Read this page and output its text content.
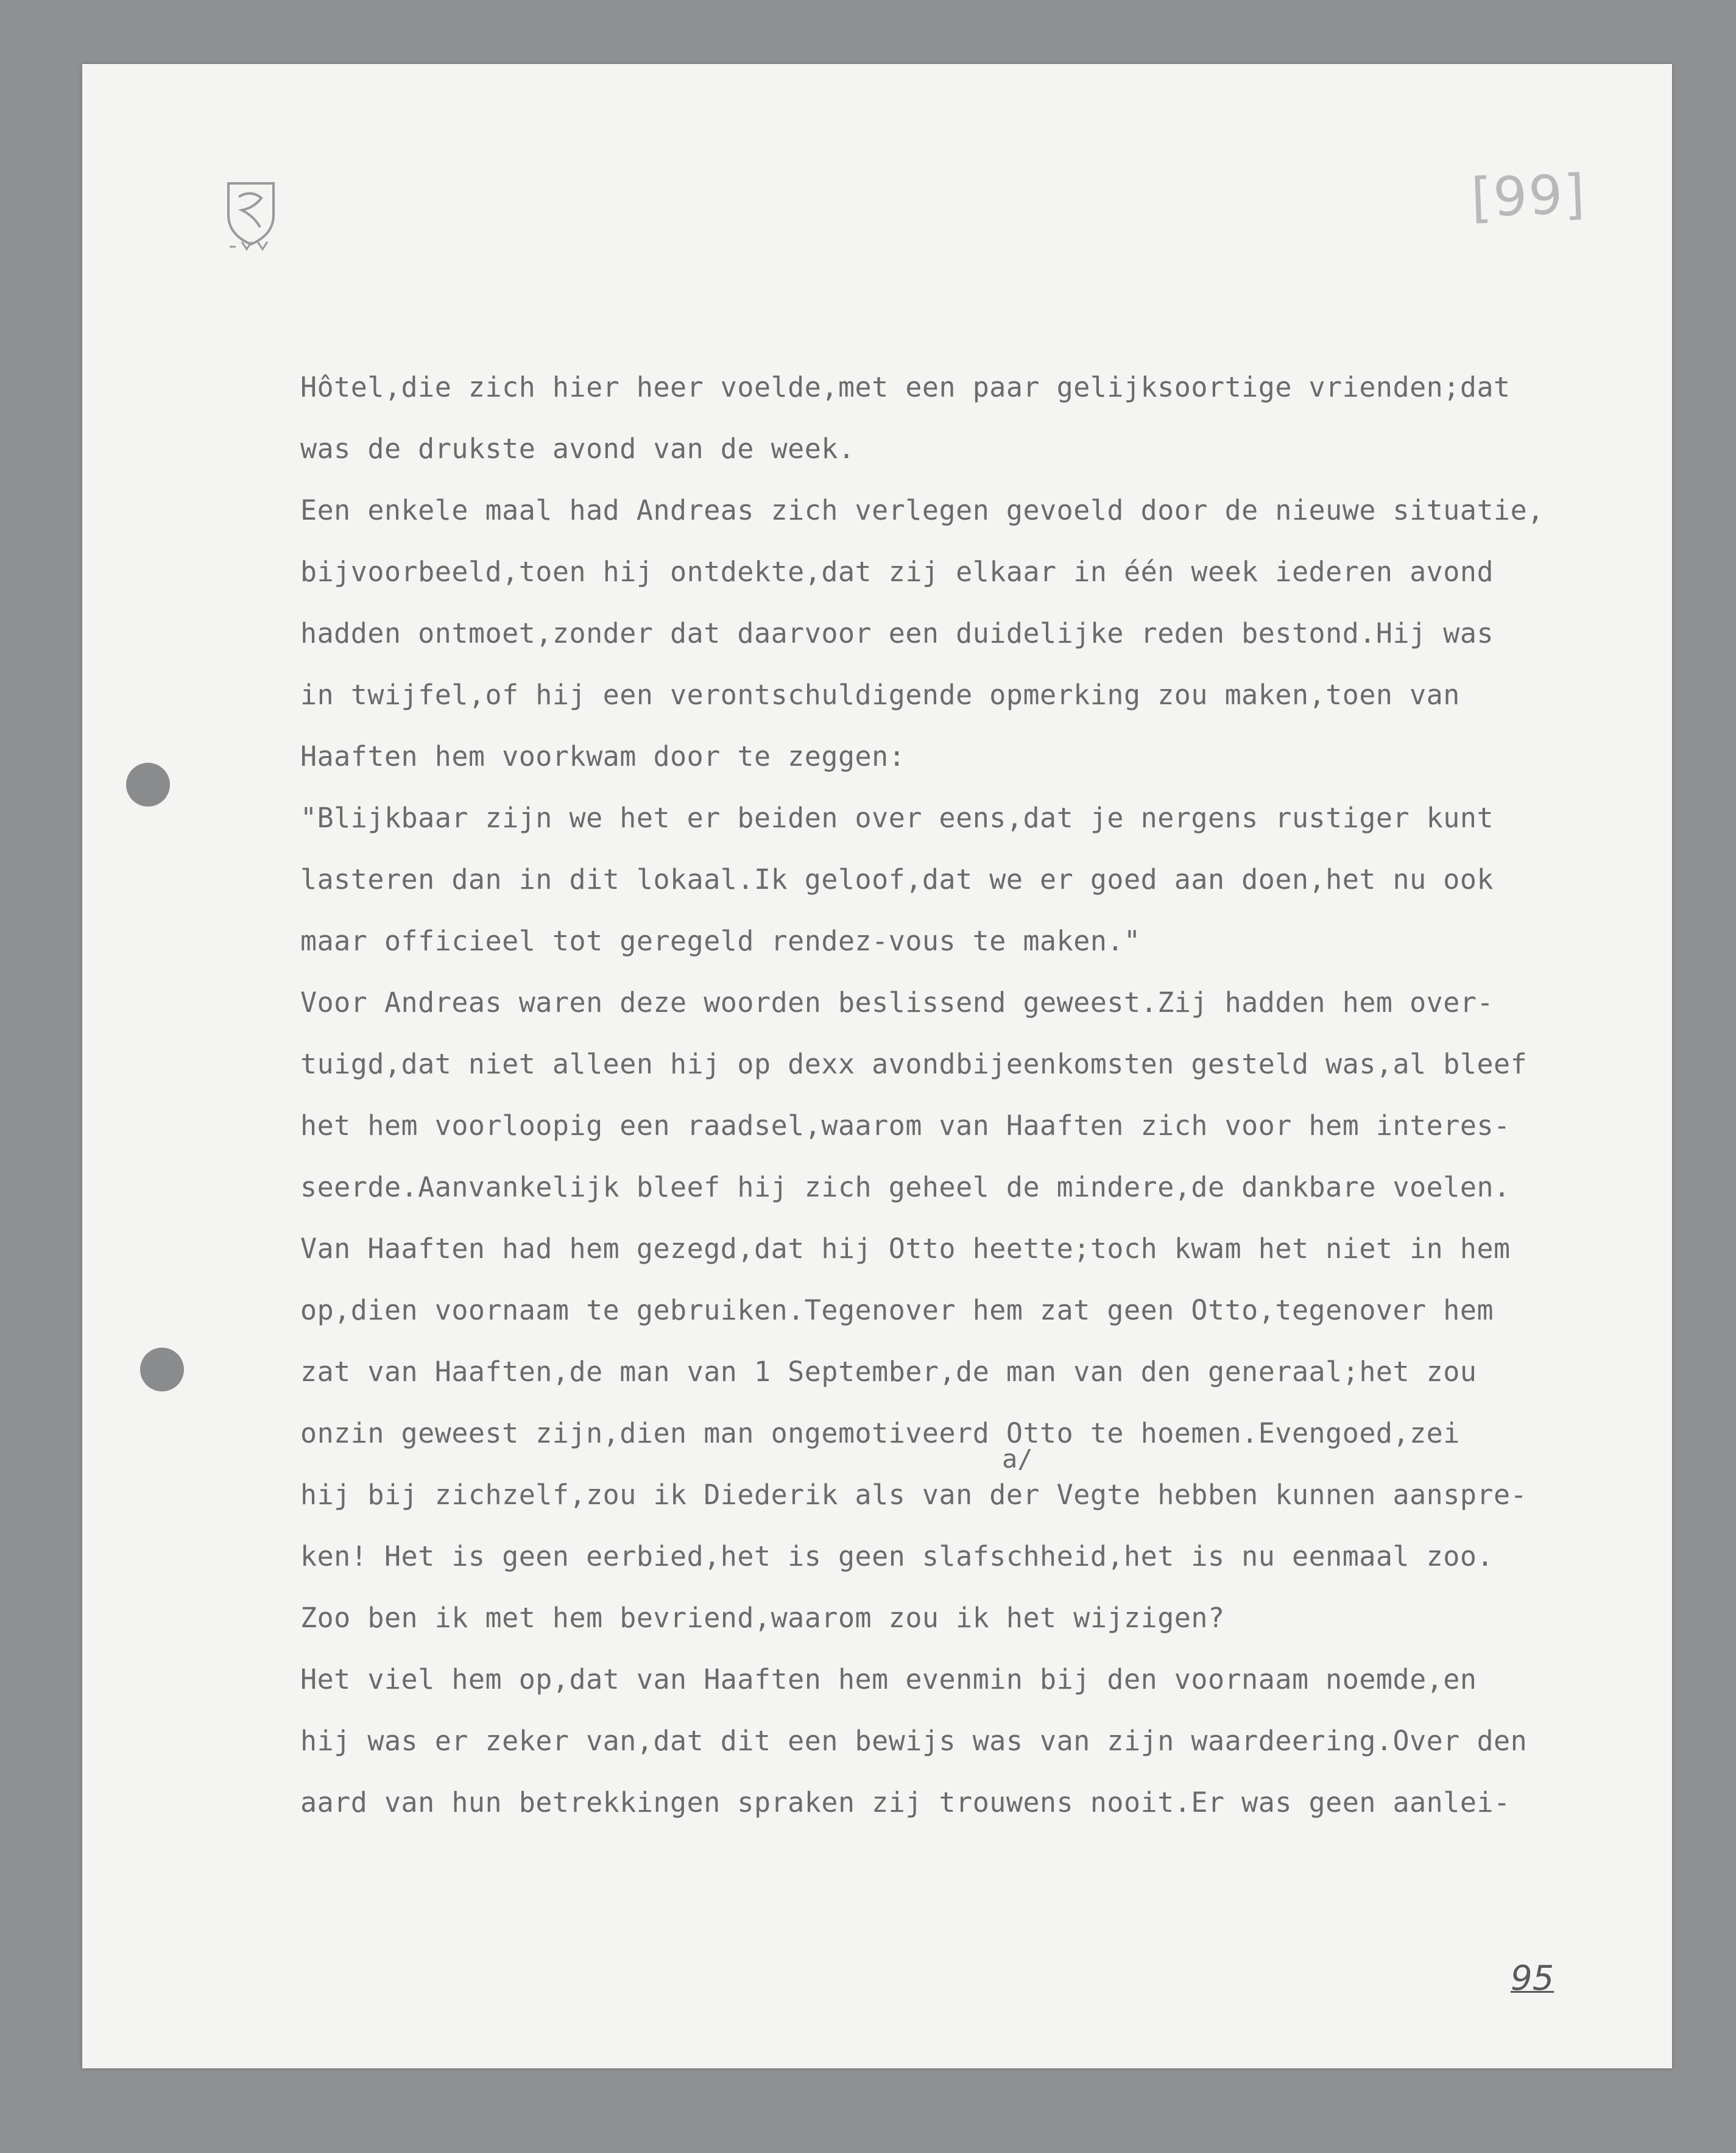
[99]
Hôtel,die zich hier heer voelde,met een paar gelijksoortige vrienden;dat
was de drukste avond van de week.
Een enkele maal had Andreas zich verlegen gevoeld door de nieuwe situatie,
bijvoorbeeld,toen hij ontdekte,dat zij elkaar in één week iederen avond
hadden ontmoet,zonder dat daarvoor een duidelijke reden bestond.Hij was
in twijfel,of hij een verontschuldigende opmerking zou maken,toen van
Haaften hem voorkwam door te zeggen:
"Blijkbaar zijn we het er beiden over eens,dat je nergens rustiger kunt
lasteren dan in dit lokaal.Ik geloof,dat we er goed aan doen,het nu ook
maar officieel tot geregeld rendez-vous te maken."
Voor Andreas waren deze woorden beslissend geweest.Zij hadden hem over-
tuigd,dat niet alleen hij op dexx avondbijeenkomsten gesteld was,al bleef
het hem voorloopig een raadsel,waarom van Haaften zich voor hem interes-
seerde.Aanvankelijk bleef hij zich geheel de mindere,de dankbare voelen.
Van Haaften had hem gezegd,dat hij Otto heette;toch kwam het niet in hem
op,dien voornaam te gebruiken.Tegenover hem zat geen Otto,tegenover hem
zat van Haaften,de man van 1 September,de man van den generaal;het zou
onzin geweest zijn,dien man ongemotiveerd Otto te hoemen.Evengoed,zei
hij bij zichzelf,zou ik Diederik als van der Vegte hebben kunnen aanspre-
ken! Het is geen eerbied,het is geen slafschheid,het is nu eenmaal zoo.
Zoo ben ik met hem bevriend,waarom zou ik het wijzigen?
Het viel hem op,dat van Haaften hem evenmin bij den voornaam noemde,en
hij was er zeker van,dat dit een bewijs was van zijn waardeering.Over den
aard van hun betrekkingen spraken zij trouwens nooit.Er was geen aanlei-
a/
95
